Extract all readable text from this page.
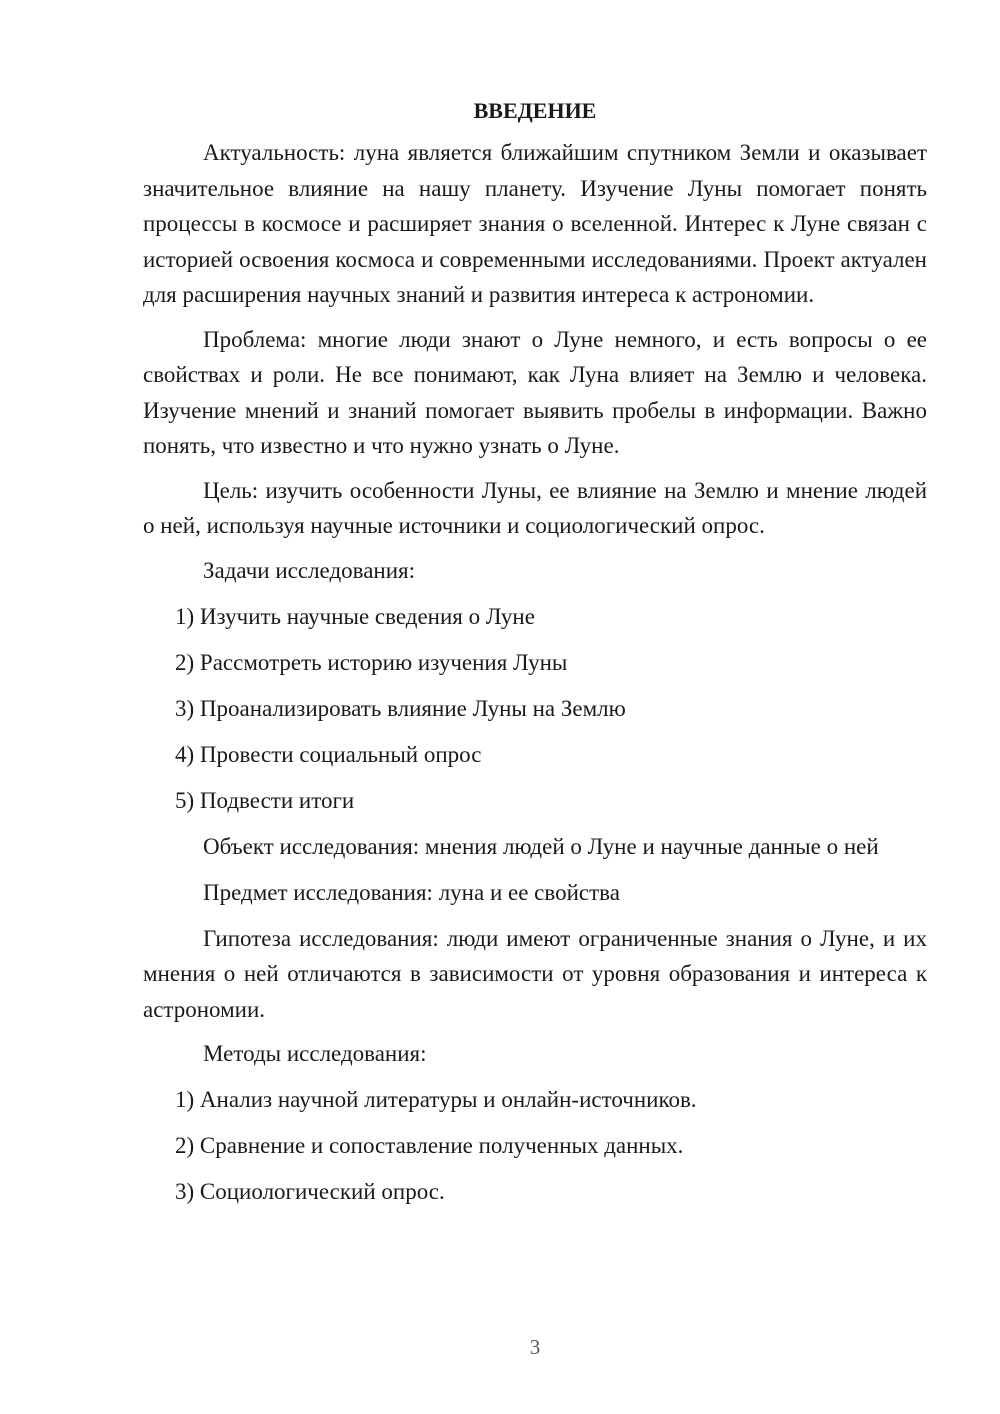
ВВЕДЕНИЕ

Актуальность: луна является ближайшим спутником Земли и оказывает значительное влияние на нашу планету. Изучение Луны помогает понять процессы в космосе и расширяет знания о вселенной. Интерес к Луне связан с историей освоения космоса и современными исследованиями. Проект актуален для расширения научных знаний и развития интереса к астрономии.

Проблема: многие люди знают о Луне немного, и есть вопросы о ее свойствах и роли. Не все понимают, как Луна влияет на Землю и человека. Изучение мнений и знаний помогает выявить пробелы в информации. Важно понять, что известно и что нужно узнать о Луне.

Цель: изучить особенности Луны, ее влияние на Землю и мнение людей о ней, используя научные источники и социологический опрос.

Задачи исследования:
1) Изучить научные сведения о Луне
2) Рассмотреть историю изучения Луны
3) Проанализировать влияние Луны на Землю
4) Провести социальный опрос
5) Подвести итоги
Объект исследования: мнения людей о Луне и научные данные о ней
Предмет исследования: луна и ее свойства

Гипотеза исследования: люди имеют ограниченные знания о Луне, и их мнения о ней отличаются в зависимости от уровня образования и интереса к астрономии.

Методы исследования:
1) Анализ научной литературы и онлайн-источников.
2) Сравнение и сопоставление полученных данных.
3) Социологический опрос.
3
